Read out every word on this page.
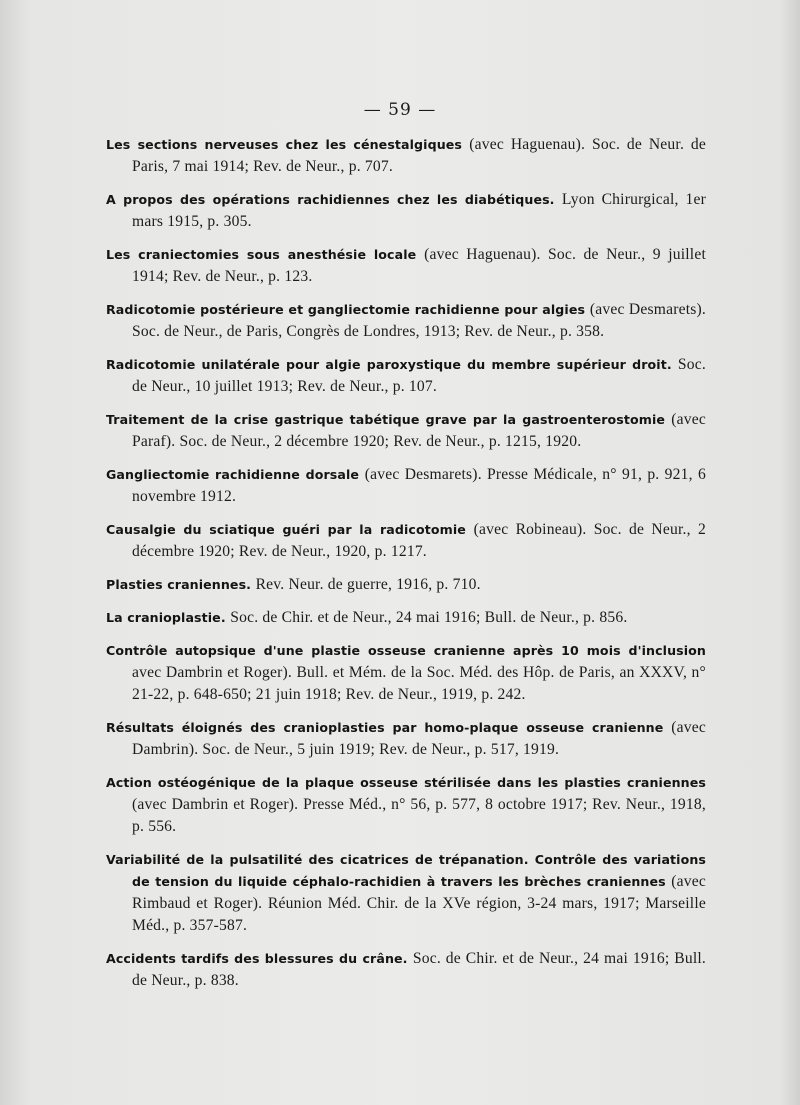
— 59 —
Les sections nerveuses chez les cénestalgiques (avec Haguenau). Soc. de Neur. de Paris, 7 mai 1914; Rev. de Neur., p. 707.
A propos des opérations rachidiennes chez les diabétiques. Lyon Chirurgical, 1er mars 1915, p. 305.
Les craniectomies sous anesthésie locale (avec Haguenau). Soc. de Neur., 9 juillet 1914; Rev. de Neur., p. 123.
Radicotomie postérieure et gangliectomie rachidienne pour algies (avec Desmarets). Soc. de Neur., de Paris, Congrès de Londres, 1913; Rev. de Neur., p. 358.
Radicotomie unilatérale pour algie paroxystique du membre supérieur droit. Soc. de Neur., 10 juillet 1913; Rev. de Neur., p. 107.
Traitement de la crise gastrique tabétique grave par la gastroenterostomie (avec Paraf). Soc. de Neur., 2 décembre 1920; Rev. de Neur., p. 1215, 1920.
Gangliectomie rachidienne dorsale (avec Desmarets). Presse Médicale, n° 91, p. 921, 6 novembre 1912.
Causalgie du sciatique guéri par la radicotomie (avec Robineau). Soc. de Neur., 2 décembre 1920; Rev. de Neur., 1920, p. 1217.
Plasties craniennes. Rev. Neur. de guerre, 1916, p. 710.
La cranioplastie. Soc. de Chir. et de Neur., 24 mai 1916; Bull. de Neur., p. 856.
Contrôle autopsique d'une plastie osseuse cranienne après 10 mois d'inclusion avec Dambrin et Roger). Bull. et Mém. de la Soc. Méd. des Hôp. de Paris, an XXXV, n° 21-22, p. 648-650; 21 juin 1918; Rev. de Neur., 1919, p. 242.
Résultats éloignés des cranioplasties par homo-plaque osseuse cranienne (avec Dambrin). Soc. de Neur., 5 juin 1919; Rev. de Neur., p. 517, 1919.
Action ostéogénique de la plaque osseuse stérilisée dans les plasties craniennes (avec Dambrin et Roger). Presse Méd., n° 56, p. 577, 8 octobre 1917; Rev. Neur., 1918, p. 556.
Variabilité de la pulsatilité des cicatrices de trépanation. Contrôle des variations de tension du liquide céphalo-rachidien à travers les brèches craniennes (avec Rimbaud et Roger). Réunion Méd. Chir. de la XVe région, 3-24 mars, 1917; Marseille Méd., p. 357-587.
Accidents tardifs des blessures du crâne. Soc. de Chir. et de Neur., 24 mai 1916; Bull. de Neur., p. 838.
